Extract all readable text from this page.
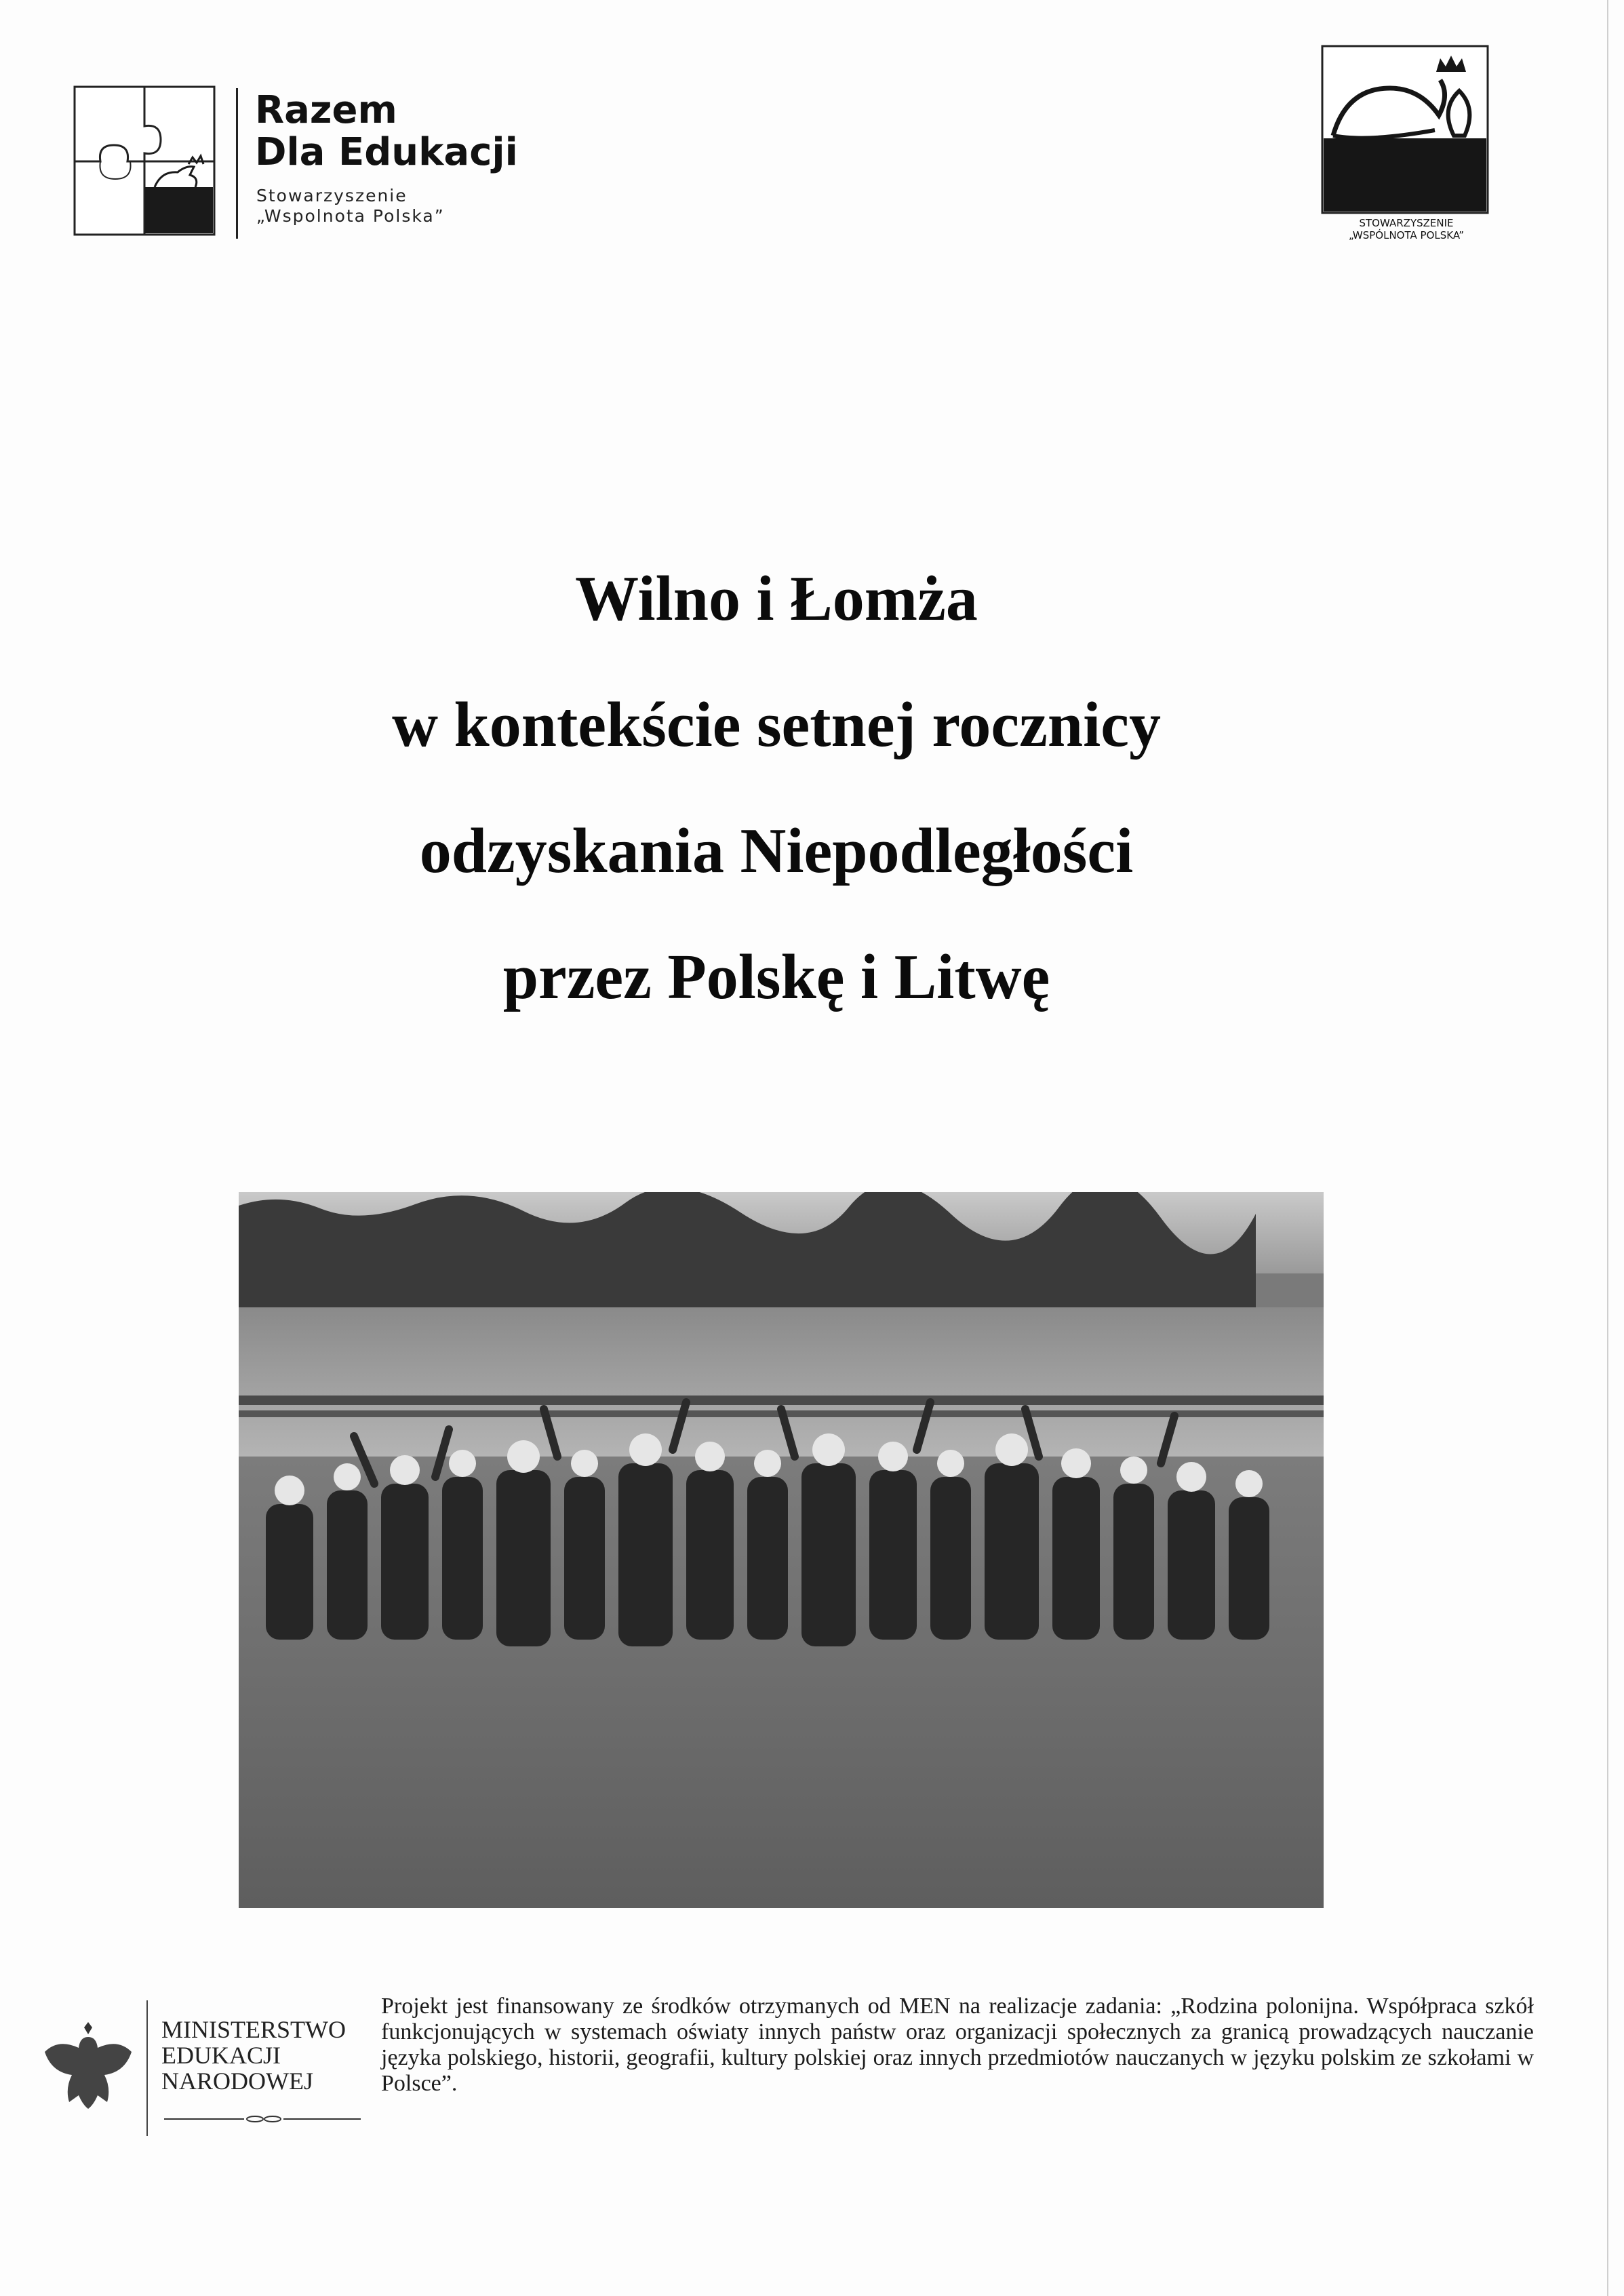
Razem
Dla Edukacji
Stowarzyszenie
„Wspolnota Polska”	STOWARZYSZENIE
„WSPÓLNOTA POLSKA”
Wilno i Łomża
w kontekście setnej rocznicy
odzyskania Niepodległości
przez Polskę i Litwę
MINISTERSTWO
EDUKACJI
NARODOWEJ
Projekt jest finansowany ze środków otrzymanych od MEN na realizacje zadania: „Rodzina polonijna. Współpraca szkół funkcjonujących w systemach oświaty innych państw oraz organizacji społecznych za granicą prowadzących nauczanie języka polskiego, historii, geografii, kultury polskiej oraz innych przedmiotów nauczanych w języku polskim ze szkołami w Polsce”.
